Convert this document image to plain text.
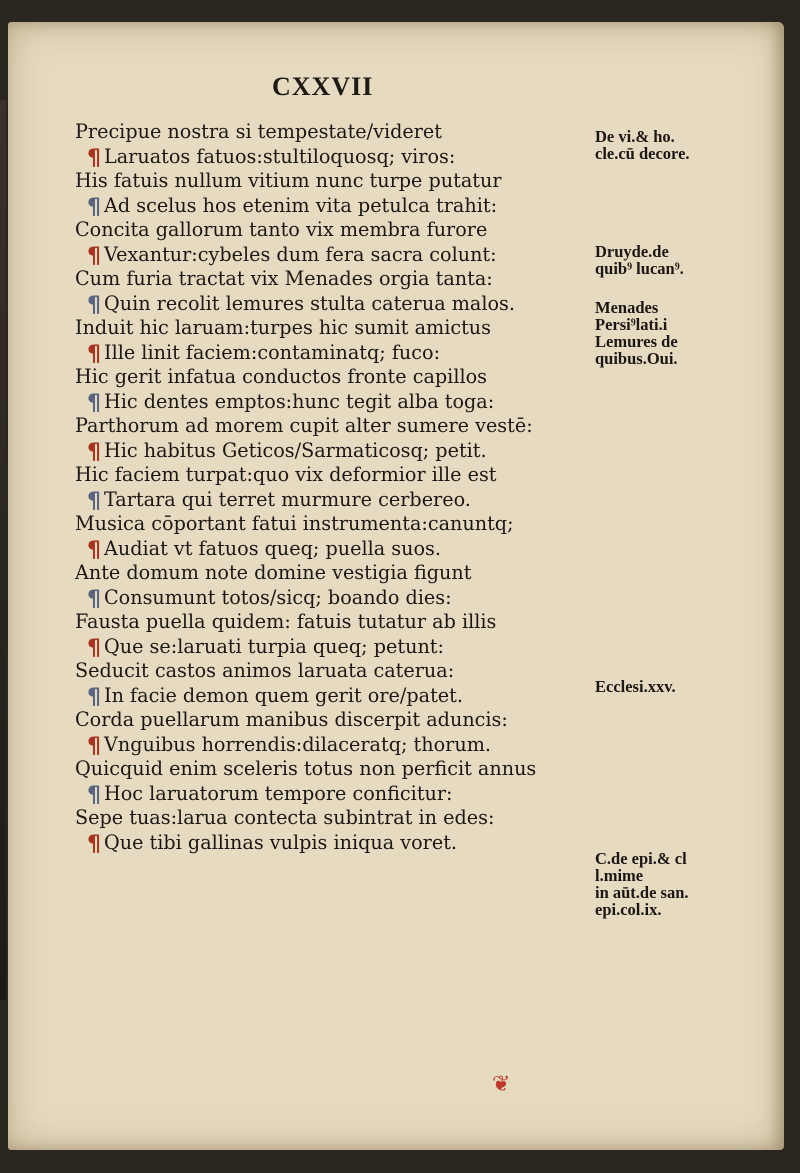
CXXVII
Precipue nostra si tempestate/videret
¶ Laruatos fatuos:stultiloquosq; viros:
His fatuis nullum vitium nunc turpe putatur
¶ Ad scelus hos etenim vita petulca trahit:
Concita gallorum tanto vix membra furore
¶ Vexantur:cybeles dum fera sacra colunt:
Cum furia tractat vix Menades orgia tanta:
¶ Quin recolit lemures stulta caterua malos.
Induit hic laruam:turpes hic sumit amictus
¶ Ille linit faciem:contaminatq; fuco:
Hic gerit infatua conductos fronte capillos
¶ Hic dentes emptos:hunc tegit alba toga:
Parthorum ad morem cupit alter sumere vestē:
¶ Hic habitus Geticos/Sarmaticosq; petit.
Hic faciem turpat:quo vix deformior ille est
¶ Tartara qui terret murmure cerbereo.
Musica cōportant fatui instrumenta:canuntq;
¶ Audiat vt fatuos queq; puella suos.
Ante domum note domine vestigia figunt
¶ Consumunt totos/sicq; boando dies:
Fausta puella quidem: fatuis tutatur ab illis
¶ Que se:laruati turpia queq; petunt:
Seducit castos animos laruata caterua:
¶ In facie demon quem gerit ore/patet.
Corda puellarum manibus discerpit aduncis:
¶ Vnguibus horrendis:dilaceratq; thorum.
Quicquid enim sceleris totus non perficit annus
¶ Hoc laruatorum tempore conficitur:
Sepe tuas:larua contecta subintrat in edes:
¶ Que tibi gallinas vulpis iniqua voret.
De vi.& ho.
cle.cū decore.
Druyde.de
quib⁹ lucan⁹.
Menades
Persi⁹lati.i
Lemures de
quibus.Oui.
Ecclesi.xxv.
C.de epi.& cl
l.mime
in aūt.de san.
epi.col.ix.
❦
